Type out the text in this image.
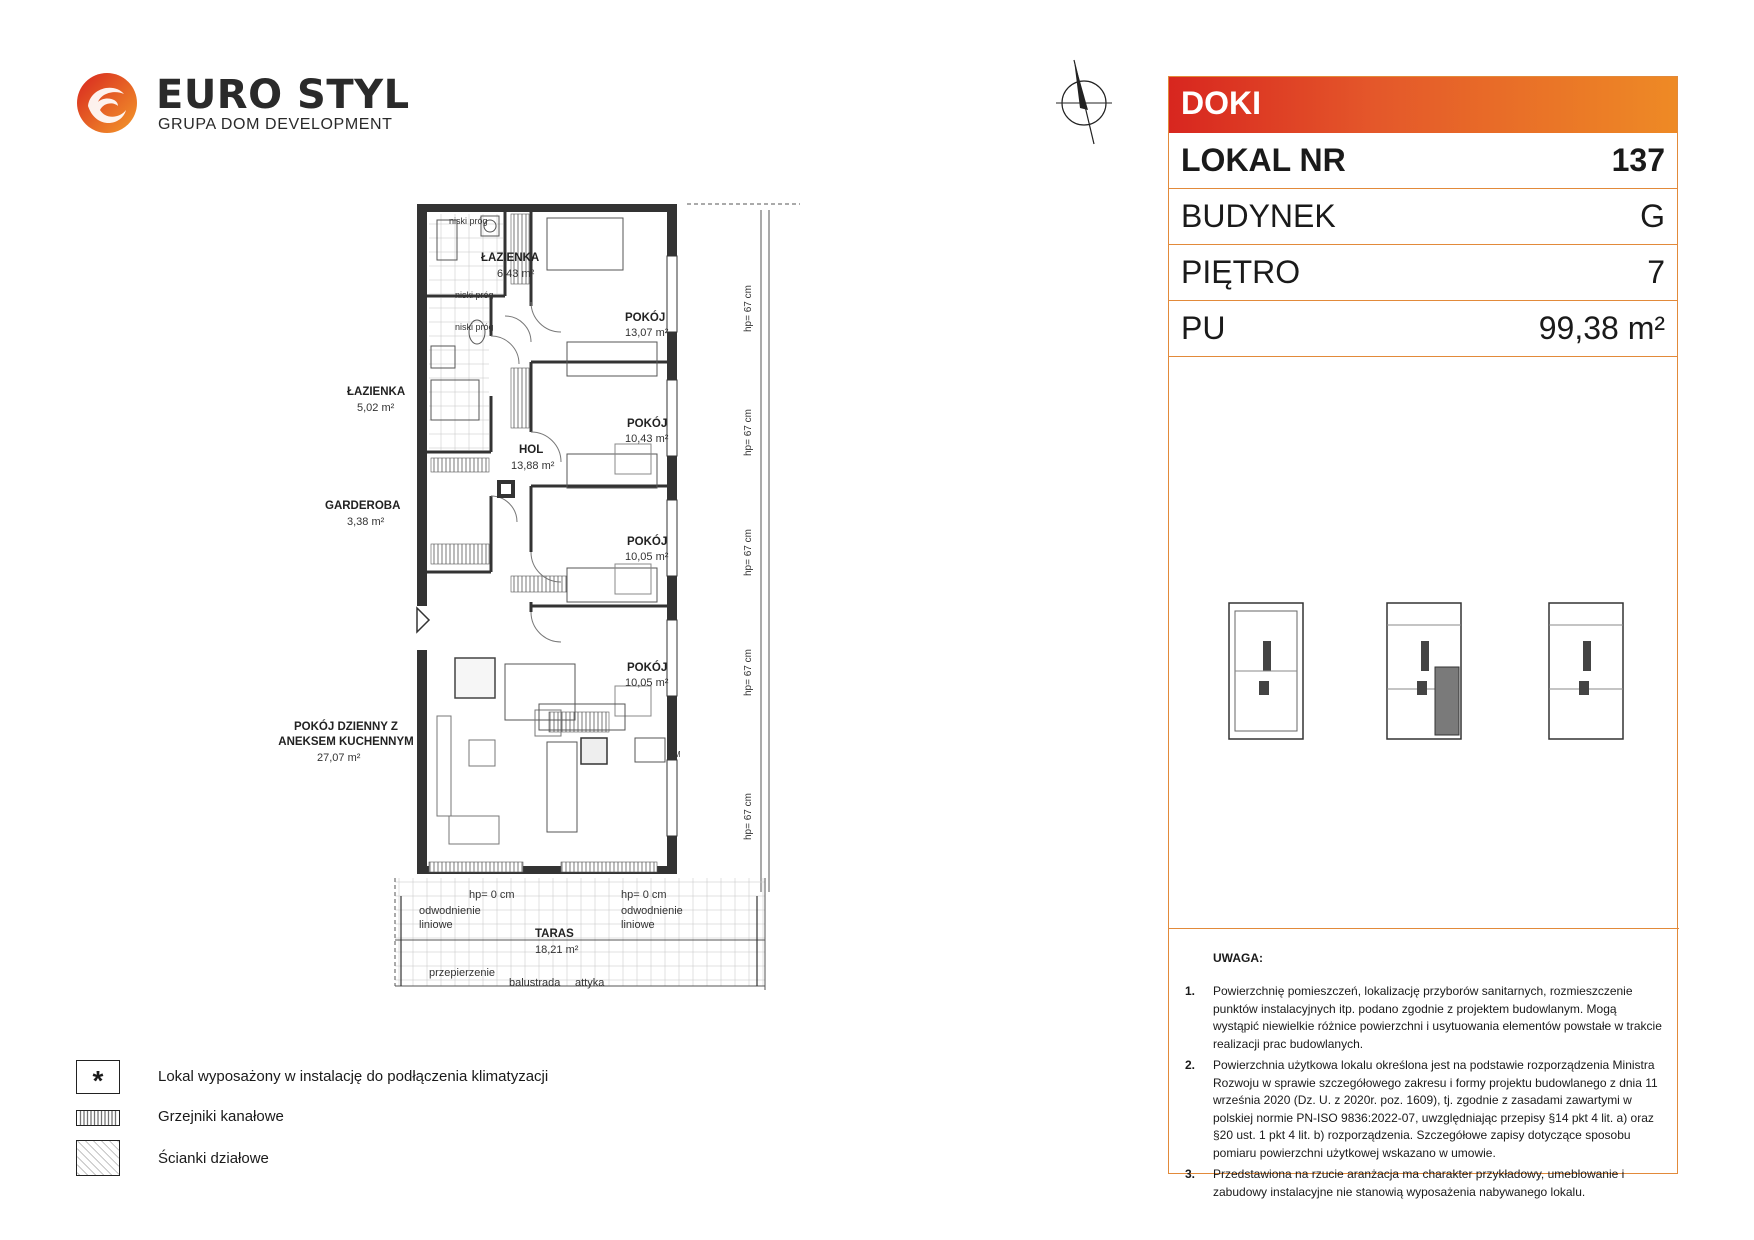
EURO STYL
GRUPA DOM DEVELOPMENT
ŁAZIENKA
6,43 m²
POKÓJ
13,07 m²
ŁAZIENKA
5,02 m²
POKÓJ
10,43 m²
HOL
13,88 m²
GARDEROBA
3,38 m²
POKÓJ
10,05 m²
POKÓJ
10,05 m²
POKÓJ DZIENNY Z ANEKSEM KUCHENNYM
27,07 m²
TARAS
18,21 m²
niski próg
niski próg
niski próg	hp= 67 cm
hp= 67 cm
hp= 67 cm
hp= 67 cm
hp= 67 cm
hp= 0 cm	hp= 0 cm
odwodnienie liniowe
odwodnienie liniowe
przepierzenie
balustrada attyka
ZM
DOKI
LOKAL NR	137
BUDYNEK	G
PIĘTRO	7
PU	99,38 m²
UWAGA:
1.	Powierzchnię pomieszczeń, lokalizację przyborów sanitarnych, rozmieszczenie punktów instalacyjnych itp. podano zgodnie z projektem budowlanym. Mogą wystąpić niewielkie różnice powierzchni i usytuowania elementów powstałe w trakcie realizacji prac budowlanych.
2.	Powierzchnia użytkowa lokalu określona jest na podstawie rozporządzenia Ministra Rozwoju w sprawie szczegółowego zakresu i formy projektu budowlanego z dnia 11 września 2020 (Dz. U. z 2020r. poz. 1609), tj. zgodnie z zasadami zawartymi w polskiej normie PN-ISO 9836:2022-07, uwzględniając przepisy §14 pkt 4 lit. a) oraz §20 ust. 1 pkt 4 lit. b) rozporządzenia. Szczegółowe zapisy dotyczące sposobu pomiaru powierzchni użytkowej wskazano w umowie.
3.	Przedstawiona na rzucie aranżacja ma charakter przykładowy, umeblowanie i zabudowy instalacyjne nie stanowią wyposażenia nabywanego lokalu.
*	Lokal wyposażony w instalację do podłączenia klimatyzacji
Grzejniki kanałowe
Ścianki działowe
